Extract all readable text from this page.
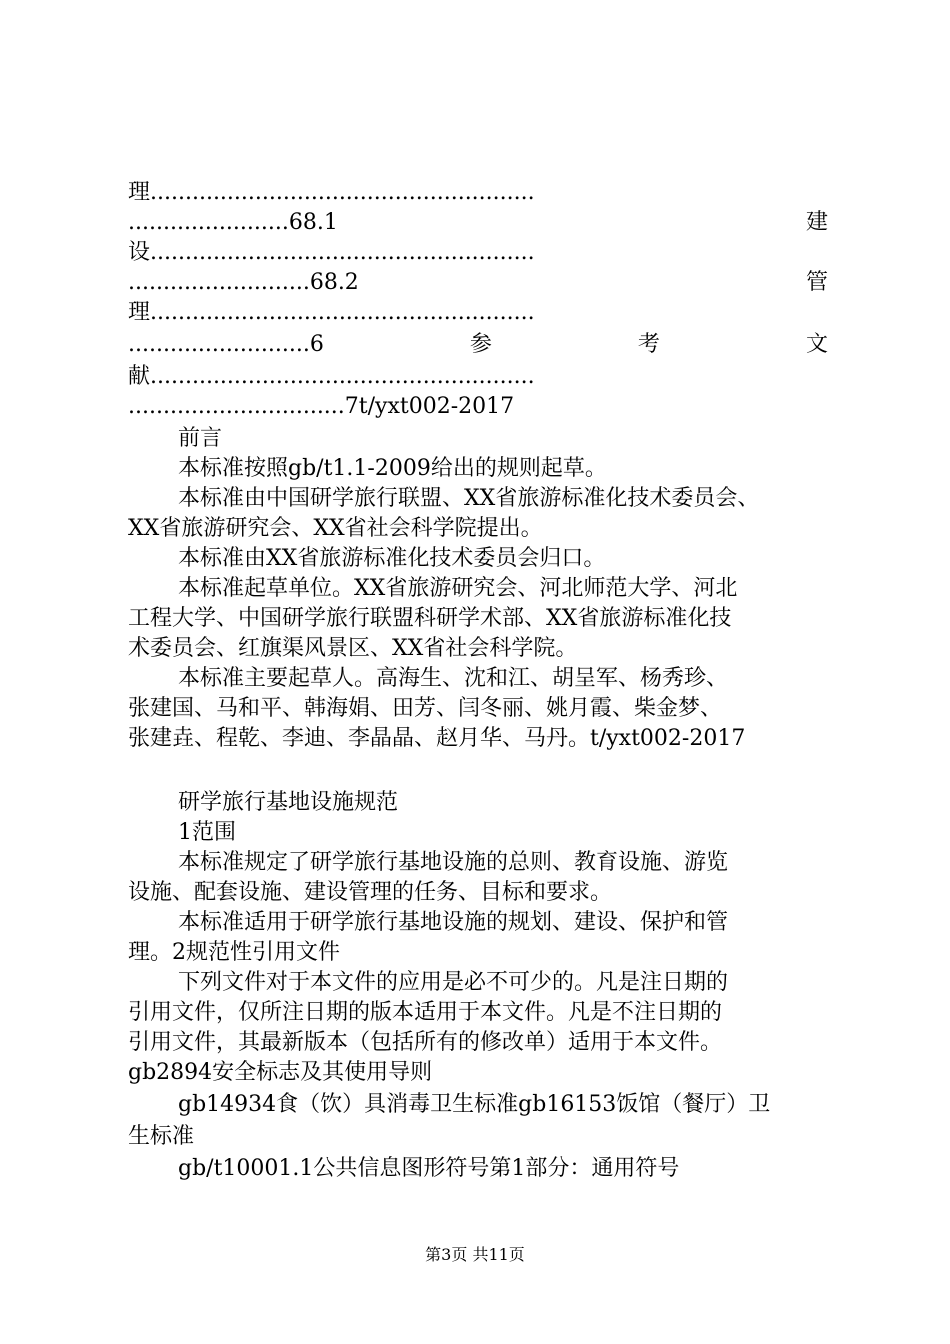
理.......................................................
.......................68.1	建
设.......................................................
..........................68.2	管
理.......................................................
..........................6	参	考	文
献.......................................................
...............................7t/yxt002-2017
前言
本标准按照gb/t1.1-2009给出的规则起草。
本标准由中国研学旅行联盟、XX省旅游标准化技术委员会、
XX省旅游研究会、XX省社会科学院提出。
本标准由XX省旅游标准化技术委员会归口。
本标准起草单位。XX省旅游研究会、河北师范大学、河北
工程大学、中国研学旅行联盟科研学术部、XX省旅游标准化技
术委员会、红旗渠风景区、XX省社会科学院。
本标准主要起草人。高海生、沈和江、胡呈军、杨秀珍、
张建国、马和平、韩海娟、田芳、闫冬丽、姚月霞、柴金梦、
张建垚、程乾、李迪、李晶晶、赵月华、马丹。t/yxt002-2017
研学旅行基地设施规范
1范围
本标准规定了研学旅行基地设施的总则、教育设施、游览
设施、配套设施、建设管理的任务、目标和要求。
本标准适用于研学旅行基地设施的规划、建设、保护和管
理。2规范性引用文件
下列文件对于本文件的应用是必不可少的。凡是注日期的
引用文件，仅所注日期的版本适用于本文件。凡是不注日期的
引用文件，其最新版本（包括所有的修改单）适用于本文件。
gb2894安全标志及其使用导则
gb14934食（饮）具消毒卫生标准gb16153饭馆（餐厅）卫
生标准
gb/t10001.1公共信息图形符号第1部分：通用符号
第3页 共11页
